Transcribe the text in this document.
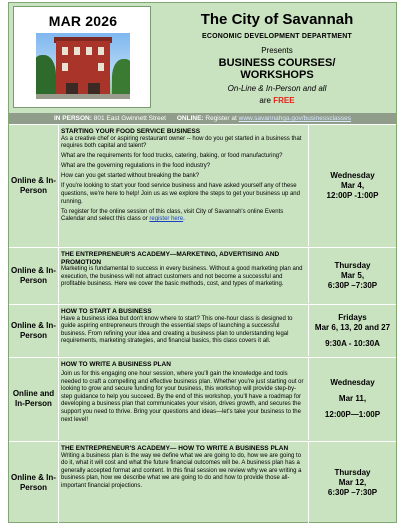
MAR 2026	The City of Savannah
ECONOMIC DEVELOPMENT DEPARTMENT
Presents
BUSINESS COURSES/
WORKSHOPS
On-Line & In-Person and all
are FREE
IN PERSON: 801 East Gwinnett Street ONLINE: Register at www.savannahga.gov/businessclasses
Online & In-Person
STARTING YOUR FOOD SERVICE BUSINESS
As a creative chef or aspiring restaurant owner -- how do you get started in a business that requires both capital and talent?

What are the requirements for food trucks, catering, baking, or food manufacturing?

What are the governing regulations in the food industry?

How can you get started without breaking the bank?

If you're looking to start your food service business and have asked yourself any of these questions, we're here to help! Join us as we explore the steps to get your business up and running.

To register for the online session of this class, visit City of Savannah's online Events Calendar and select this class or register here.

Wednesday
Mar 4,
12:00P -1:00P
Online & In-Person
THE ENTREPRENEUR'S ACADEMY—MARKETING, ADVERTISING AND PROMOTION
Marketing is fundamental to success in every business. Without a good marketing plan and execution, the business will not attract customers and not become a successful and profitable business. Here we cover the basic methods, cost, and types of marketing.
Thursday
Mar 5,
6:30P –7:30P
Online & In-Person
HOW TO START A BUSINESS
Have a business idea but don't know where to start? This one-hour class is designed to guide aspiring entrepreneurs through the essential steps of launching a successful business. From refining your idea and creating a business plan to understanding legal requirements, marketing strategies, and financial basics, this class covers it all.
Fridays
Mar 6, 13, 20 and 27
9:30A - 10:30A
Online and In-Person
HOW TO WRITE A BUSINESS PLAN

Join us for this engaging one hour session, where you'll gain the knowledge and tools needed to craft a compelling and effective business plan. Whether you're just starting out or looking to grow and secure funding for your business, this workshop will provide step-by-step guidance to help you succeed. By the end of this workshop, you'll have a roadmap for developing a business plan that communicates your vision, drives growth, and secures the support you need to thrive. Bring your questions and ideas—let's take your business to the next level!

Wednesday
Mar 11,
12:00P—1:00P
Online & In-Person
THE ENTREPRENEUR'S ACADEMY— HOW TO WRITE A BUSINESS PLAN
Writing a business plan is the way we define what we are going to do, how we are going to do it, what it will cost and what the future financial outcomes will be. A business plan has a generally accepted format and content. In this final session we review why we are writing a business plan, how we describe what we are going to do and how to provide those all-important financial projections.
Thursday
Mar 12,
6:30P –7:30P
